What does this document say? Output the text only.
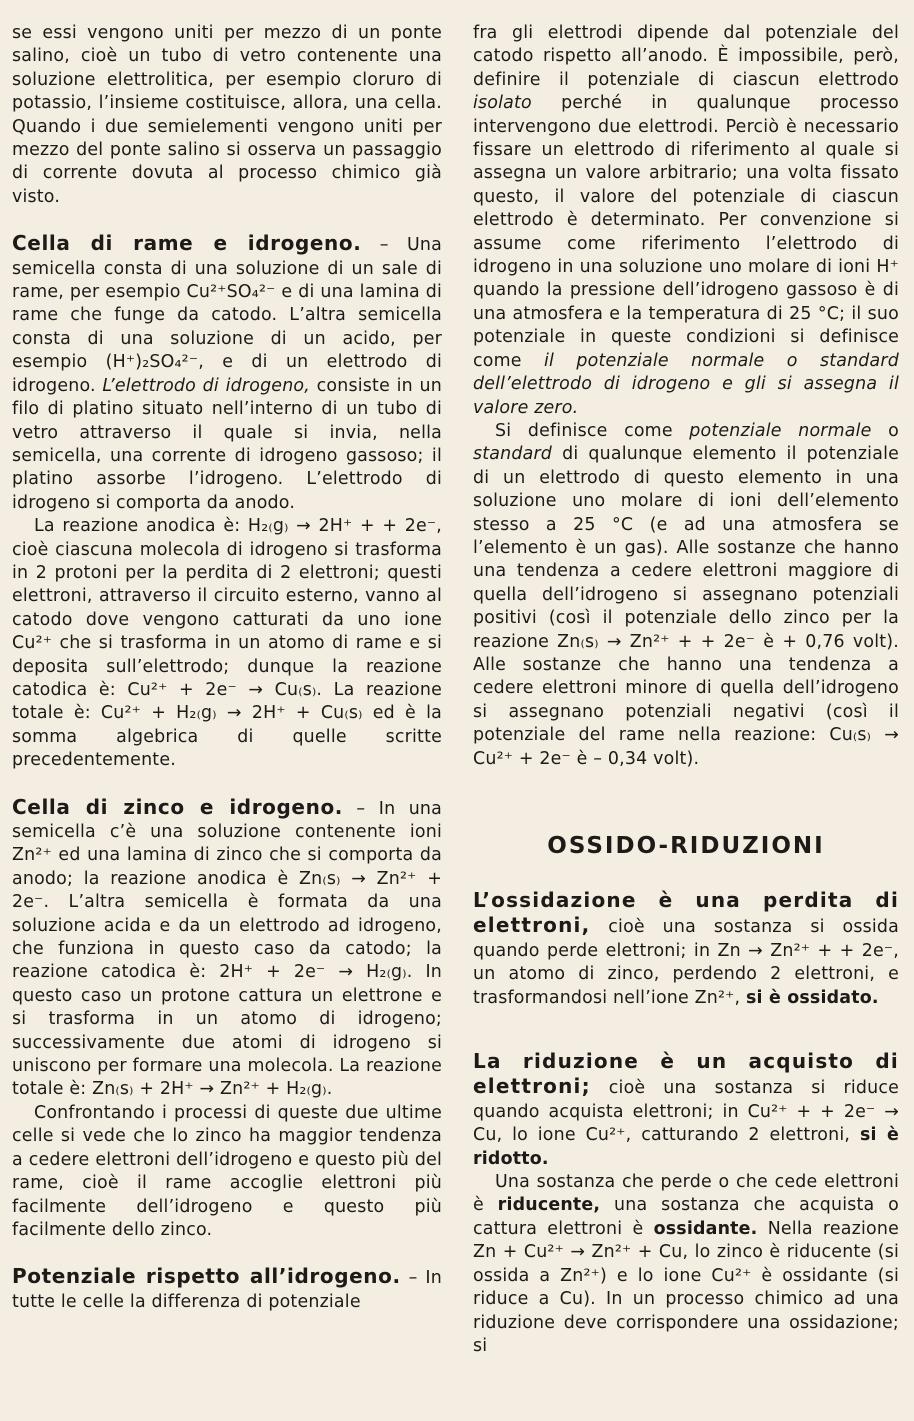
se essi vengono uniti per mezzo di un ponte salino, cioè un tubo di vetro contenente una soluzione elettrolitica, per esempio cloruro di potassio, l’insieme costituisce, allora, una cella. Quando i due semielementi vengono uniti per mezzo del ponte salino si osserva un passaggio di corrente dovuta al processo chimico già visto.

Cella di rame e idrogeno. – Una semicella consta di una soluzione di un sale di rame, per esempio Cu²⁺SO₄²⁻ e di una lamina di rame che funge da catodo. L’altra semicella consta di una soluzione di un acido, per esempio (H⁺)₂SO₄²⁻, e di un elettrodo di idrogeno. L’elettrodo di idrogeno, consiste in un filo di platino situato nell’interno di un tubo di vetro attraverso il quale si invia, nella semicella, una corrente di idrogeno gassoso; il platino assorbe l’idrogeno. L’elettrodo di idrogeno si comporta da anodo.

La reazione anodica è: H₂₍g₎ → 2H⁺ + + 2e⁻, cioè ciascuna molecola di idrogeno si trasforma in 2 protoni per la perdita di 2 elettroni; questi elettroni, attraverso il circuito esterno, vanno al catodo dove vengono catturati da uno ione Cu²⁺ che si trasforma in un atomo di rame e si deposita sull’elettrodo; dunque la reazione catodica è: Cu²⁺ + 2e⁻ → Cu₍s₎. La reazione totale è: Cu²⁺ + H₂₍g₎ → 2H⁺ + Cu₍s₎ ed è la somma algebrica di quelle scritte precedentemente.

Cella di zinco e idrogeno. – In una semicella c’è una soluzione contenente ioni Zn²⁺ ed una lamina di zinco che si comporta da anodo; la reazione anodica è Zn₍s₎ → Zn²⁺ + 2e⁻. L’altra semicella è formata da una soluzione acida e da un elettrodo ad idrogeno, che funziona in questo caso da catodo; la reazione catodica è: 2H⁺ + 2e⁻ → H₂₍g₎. In questo caso un protone cattura un elettrone e si trasforma in un atomo di idrogeno; successivamente due atomi di idrogeno si uniscono per formare una molecola. La reazione totale è: Zn₍s₎ + 2H⁺ → Zn²⁺ + H₂₍g₎.

Confrontando i processi di queste due ultime celle si vede che lo zinco ha maggior tendenza a cedere elettroni dell’idrogeno e questo più del rame, cioè il rame accoglie elettroni più facilmente dell’idrogeno e questo più facilmente dello zinco.

Potenziale rispetto all’idrogeno. – In tutte le celle la differenza di potenziale

fra gli elettrodi dipende dal potenziale del catodo rispetto all’anodo. È impossibile, però, definire il potenziale di ciascun elettrodo isolato perché in qualunque processo intervengono due elettrodi. Perciò è necessario fissare un elettrodo di riferimento al quale si assegna un valore arbitrario; una volta fissato questo, il valore del potenziale di ciascun elettrodo è determinato. Per convenzione si assume come riferimento l’elettrodo di idrogeno in una soluzione uno molare di ioni H⁺ quando la pressione dell’idrogeno gassoso è di una atmosfera e la temperatura di 25 °C; il suo potenziale in queste condizioni si definisce come il potenziale normale o standard dell’elettrodo di idrogeno e gli si assegna il valore zero.

Si definisce come potenziale normale o standard di qualunque elemento il potenziale di un elettrodo di questo elemento in una soluzione uno molare di ioni dell’elemento stesso a 25 °C (e ad una atmosfera se l’elemento è un gas). Alle sostanze che hanno una tendenza a cedere elettroni maggiore di quella dell’idrogeno si assegnano potenziali positivi (così il potenziale dello zinco per la reazione Zn₍s₎ → Zn²⁺ + + 2e⁻ è + 0,76 volt). Alle sostanze che hanno una tendenza a cedere elettroni minore di quella dell’idrogeno si assegnano potenziali negativi (così il potenziale del rame nella reazione: Cu₍s₎ → Cu²⁺ + 2e⁻ è – 0,34 volt).

OSSIDO-RIDUZIONI

L’ossidazione è una perdita di elettroni, cioè una sostanza si ossida quando perde elettroni; in Zn → Zn²⁺ + + 2e⁻, un atomo di zinco, perdendo 2 elettroni, e trasformandosi nell’ione Zn²⁺, si è ossidato.

La riduzione è un acquisto di elettroni; cioè una sostanza si riduce quando acquista elettroni; in Cu²⁺ + + 2e⁻ → Cu, lo ione Cu²⁺, catturando 2 elettroni, si è ridotto.

Una sostanza che perde o che cede elettroni è riducente, una sostanza che acquista o cattura elettroni è ossidante. Nella reazione Zn + Cu²⁺ → Zn²⁺ + Cu, lo zinco è riducente (si ossida a Zn²⁺) e lo ione Cu²⁺ è ossidante (si riduce a Cu). In un processo chimico ad una riduzione deve corrispondere una ossidazione; si
